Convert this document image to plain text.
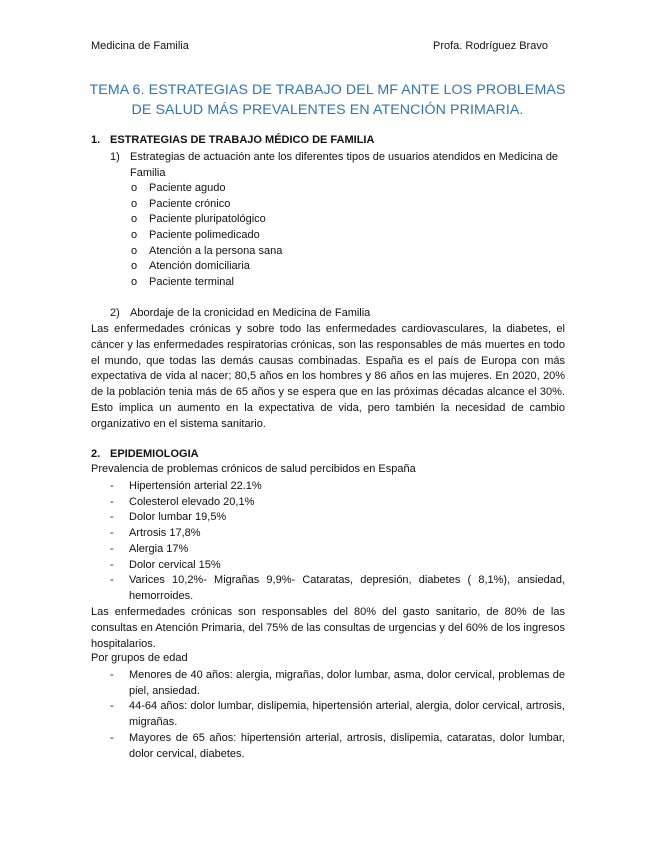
Medicina de Familia	Profa. Rodríguez Bravo
TEMA 6. ESTRATEGIAS DE TRABAJO DEL MF ANTE LOS PROBLEMAS
DE SALUD MÁS PREVALENTES EN ATENCIÓN PRIMARIA.
1. ESTRATEGIAS DE TRABAJO MÉDICO DE FAMILIA
1) Estrategias de actuación ante los diferentes tipos de usuarios atendidos en Medicina de Familia
o Paciente agudo
o Paciente crónico
o Paciente pluripatológico
o Paciente polimedicado
o Atención a la persona sana
o Atención domiciliaria
o Paciente terminal
2) Abordaje de la cronicidad en Medicina de Familia
Las enfermedades crónicas y sobre todo las enfermedades cardiovasculares, la diabetes, el cáncer y las enfermedades respiratorias crónicas, son las responsables de más muertes en todo el mundo, que todas las demás causas combinadas. España es el país de Europa con más expectativa de vida al nacer; 80,5 años en los hombres y 86 años en las mujeres. En 2020, 20% de la población tenia más de 65 años y se espera que en las próximas décadas alcance el 30%. Esto implica un aumento en la expectativa de vida, pero también la necesidad de cambio organizativo en el sistema sanitario.
2. EPIDEMIOLOGIA
Prevalencia de problemas crónicos de salud percibidos en España
- Hipertensión arterial 22.1%
- Colesterol elevado 20,1%
- Dolor lumbar 19,5%
- Artrosis 17,8%
- Alergia 17%
- Dolor cervical 15%
- Varices 10,2%- Migrañas 9,9%- Cataratas, depresión, diabetes ( 8,1%), ansiedad, hemorroides.
Las enfermedades crónicas son responsables del 80% del gasto sanitario, de 80% de las consultas en Atención Primaria, del 75% de las consultas de urgencias y del 60% de los ingresos hospitalarios.
Por grupos de edad
- Menores de 40 años: alergia, migrañas, dolor lumbar, asma, dolor cervical, problemas de piel, ansiedad.
- 44-64 años: dolor lumbar, dislipemia, hipertensión arterial, alergia, dolor cervical, artrosis, migrañas.
- Mayores de 65 años: hipertensión arterial, artrosis, dislipemia, cataratas, dolor lumbar, dolor cervical, diabetes.
